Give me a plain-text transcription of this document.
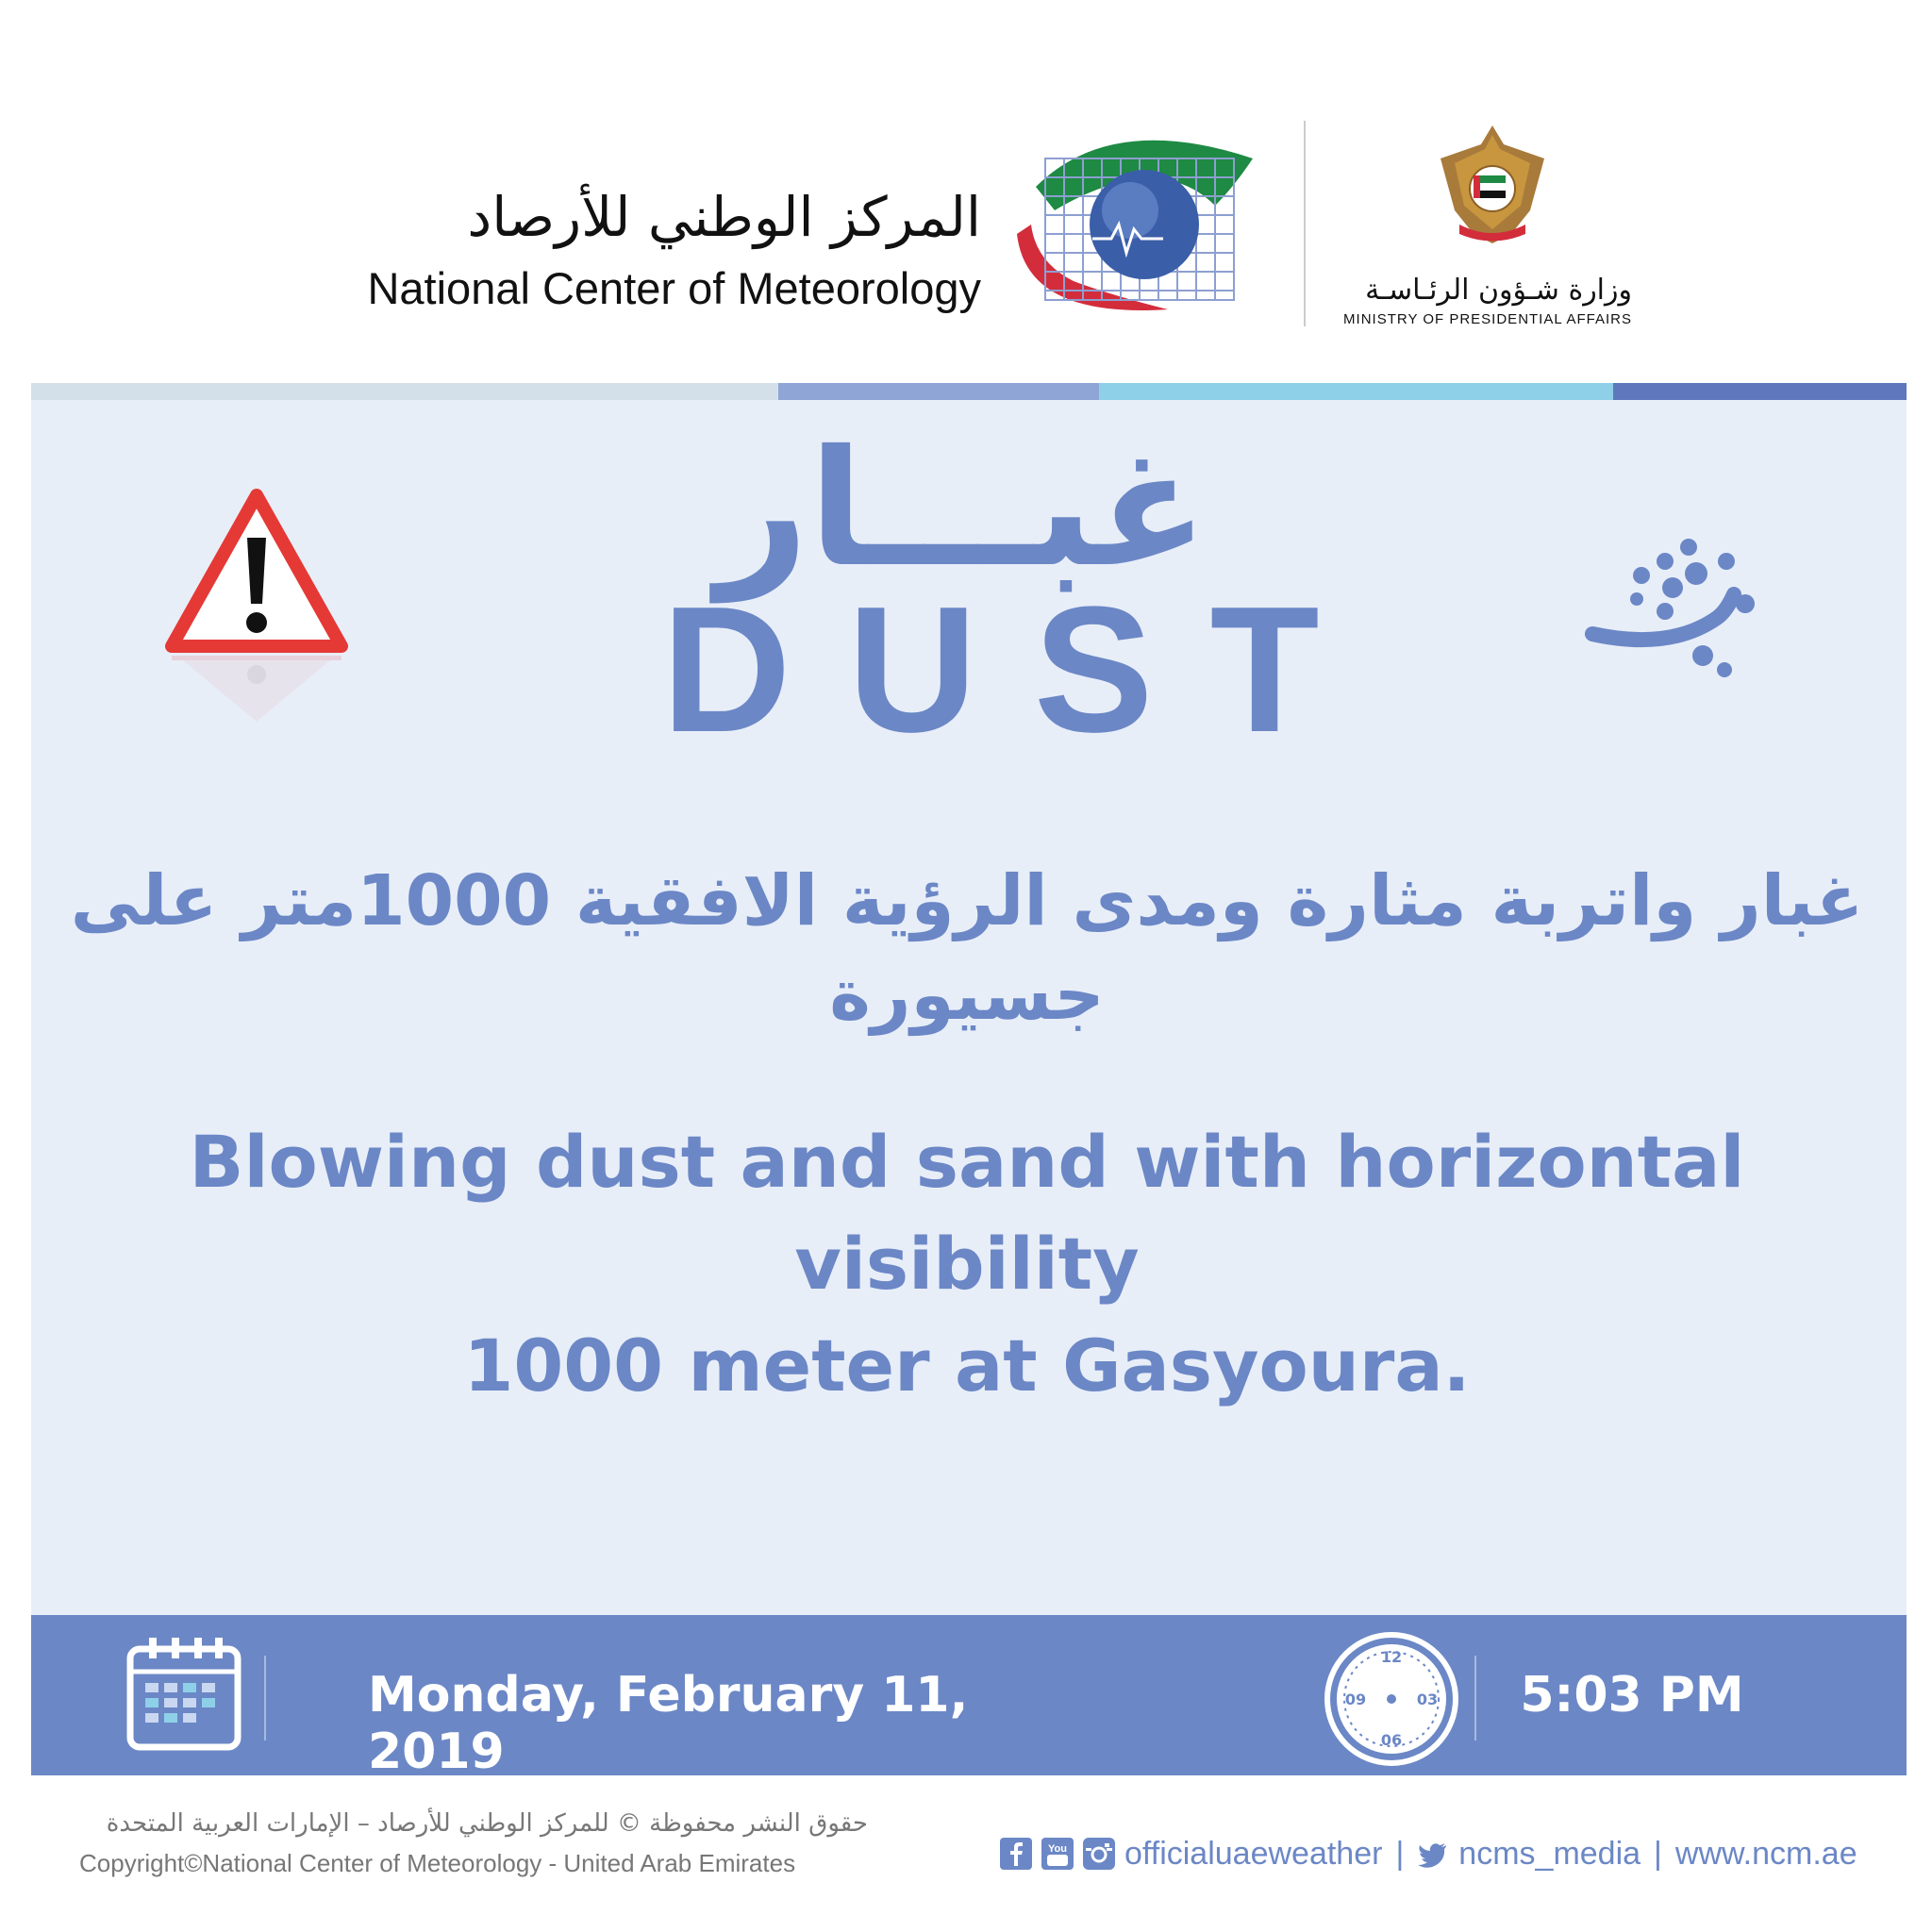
المركز الوطني للأرصاد
National Center of Meteorology	وزارة شـؤون الرئـاسـة
MINISTRY OF PRESIDENTIAL AFFAIRS
غبـــار
DUST
غبار واتربة مثارة ومدى الرؤية الافقية 1000متر على جسيورة
Blowing dust and sand with horizontal visibility
1000 meter at Gasyoura.
Monday, February 11, 2019
12
03
06
09	5:03 PM
حقوق النشر محفوظة © للمركز الوطني للأرصاد – الإمارات العربية المتحدة
Copyright©National Center of Meteorology - United Arab Emirates	You officialuaeweather | ncms_media | www.ncm.ae
